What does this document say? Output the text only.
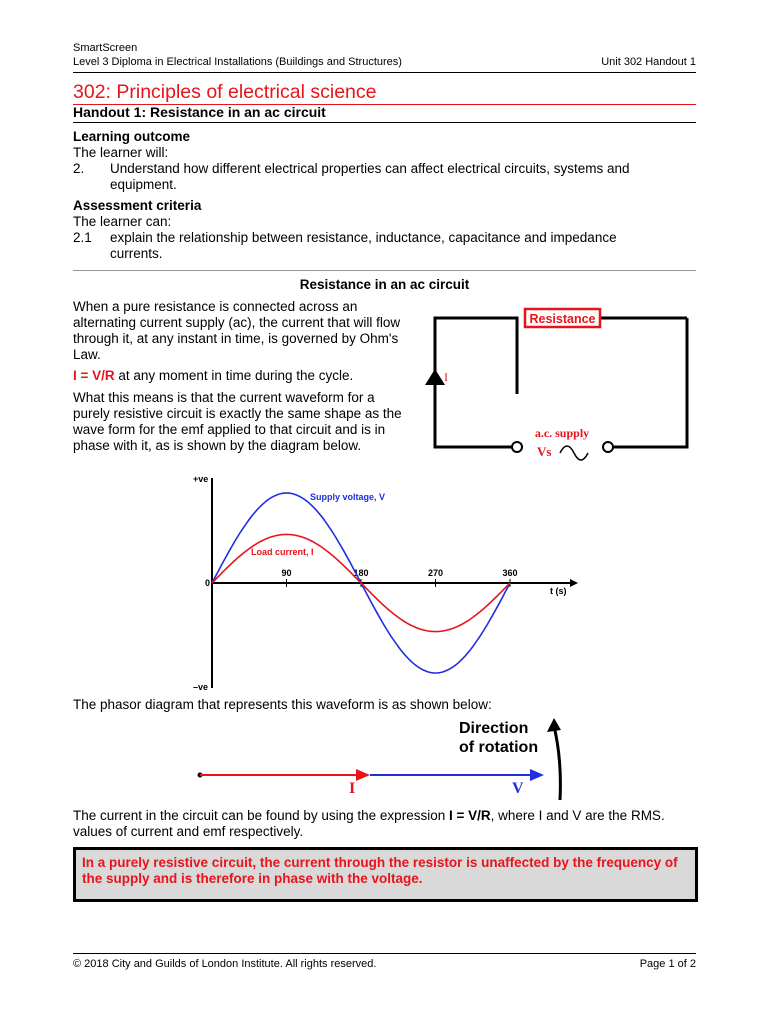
SmartScreen
Level 3 Diploma in Electrical Installations (Buildings and Structures)	Unit 302 Handout 1
302: Principles of electrical science
Handout 1: Resistance in an ac circuit
Learning outcome
The learner will:
2. Understand how different electrical properties can affect electrical circuits, systems and equipment.
Assessment criteria
The learner can:
2.1 explain the relationship between resistance, inductance, capacitance and impedance currents.
Resistance in an ac circuit
When a pure resistance is connected across an alternating current supply (ac), the current that will flow through it, at any instant in time, is governed by Ohm's Law.
I = V/R at any moment in time during the cycle.
What this means is that the current waveform for a purely resistive circuit is exactly the same shape as the wave form for the emf applied to that circuit and is in phase with it, as is shown by the diagram below.
Resistance
I
a.c. supply
Vs
+ve
–ve
0
t (s)
90	180	270	360
Supply voltage, V
Load current, I
The phasor diagram that represents this waveform is as shown below:
Direction
of rotation
I	V
The current in the circuit can be found by using the expression I = V/R, where I and V are the RMS. values of current and emf respectively.
In a purely resistive circuit, the current through the resistor is unaffected by the frequency of the supply and is therefore in phase with the voltage.
© 2018 City and Guilds of London Institute. All rights reserved.	Page 1 of 2
